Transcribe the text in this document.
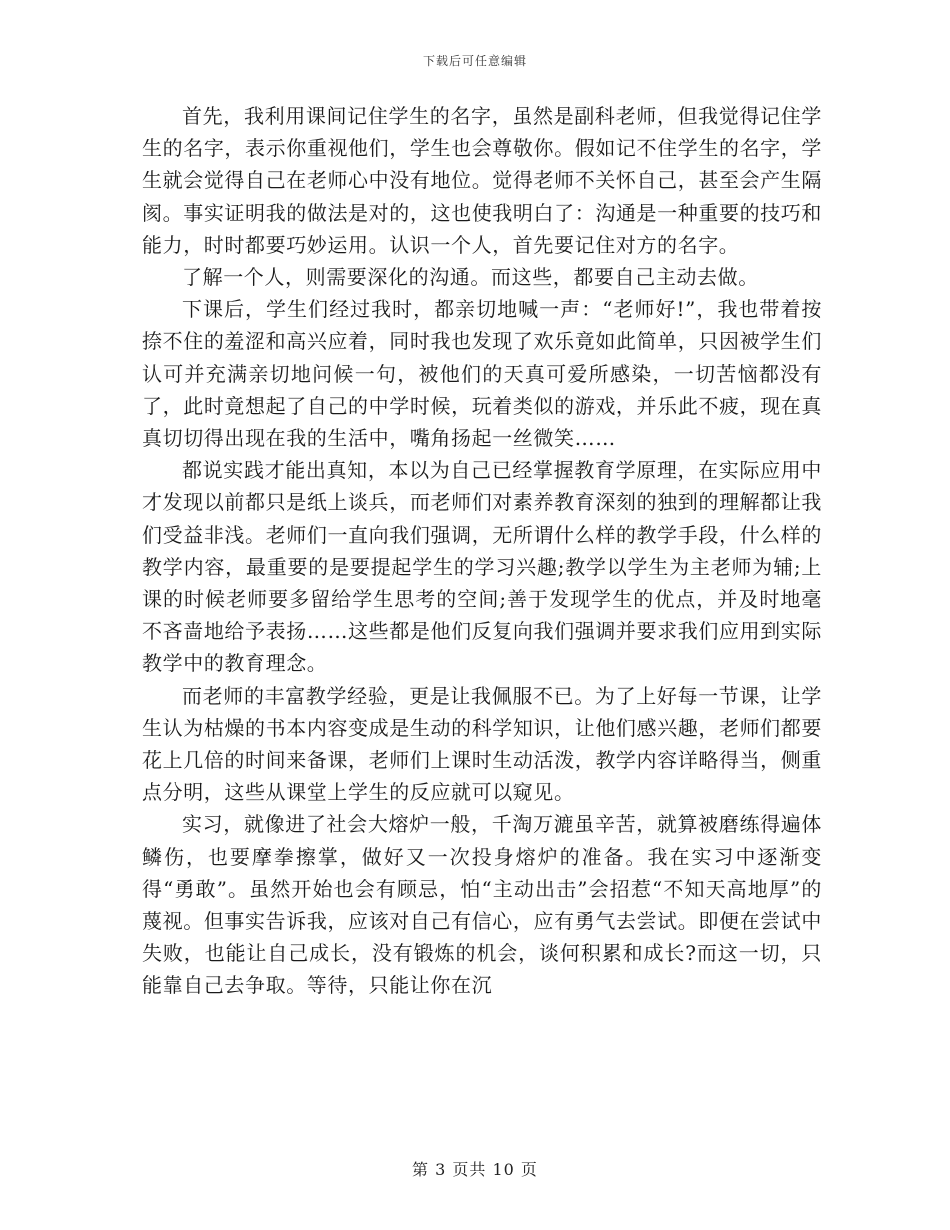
下载后可任意编辑

首先，我利用课间记住学生的名字，虽然是副科老师，但我觉得记住学生的名字，表示你重视他们，学生也会尊敬你。假如记不住学生的名字，学生就会觉得自己在老师心中没有地位。觉得老师不关怀自己，甚至会产生隔阂。事实证明我的做法是对的，这也使我明白了：沟通是一种重要的技巧和能力，时时都要巧妙运用。认识一个人，首先要记住对方的名字。

了解一个人，则需要深化的沟通。而这些，都要自己主动去做。

下课后，学生们经过我时，都亲切地喊一声：“老师好!”，我也带着按捺不住的羞涩和高兴应着，同时我也发现了欢乐竟如此简单，只因被学生们认可并充满亲切地问候一句，被他们的天真可爱所感染，一切苦恼都没有了，此时竟想起了自己的中学时候，玩着类似的游戏，并乐此不疲，现在真真切切得出现在我的生活中，嘴角扬起一丝微笑……

都说实践才能出真知，本以为自己已经掌握教育学原理，在实际应用中才发现以前都只是纸上谈兵，而老师们对素养教育深刻的独到的理解都让我们受益非浅。老师们一直向我们强调，无所谓什么样的教学手段，什么样的教学内容，最重要的是要提起学生的学习兴趣;教学以学生为主老师为辅;上课的时候老师要多留给学生思考的空间;善于发现学生的优点，并及时地毫不吝啬地给予表扬……这些都是他们反复向我们强调并要求我们应用到实际教学中的教育理念。

而老师的丰富教学经验，更是让我佩服不已。为了上好每一节课，让学生认为枯燥的书本内容变成是生动的科学知识，让他们感兴趣，老师们都要花上几倍的时间来备课，老师们上课时生动活泼，教学内容详略得当，侧重点分明，这些从课堂上学生的反应就可以窥见。

实习，就像进了社会大熔炉一般，千淘万漉虽辛苦，就算被磨练得遍体鳞伤，也要摩拳擦掌，做好又一次投身熔炉的准备。我在实习中逐渐变得“勇敢”。虽然开始也会有顾忌，怕“主动出击”会招惹“不知天高地厚”的蔑视。但事实告诉我，应该对自己有信心，应有勇气去尝试。即便在尝试中失败，也能让自己成长，没有锻炼的机会，谈何积累和成长?而这一切，只能靠自己去争取。等待，只能让你在沉

第 3 页共 10 页
